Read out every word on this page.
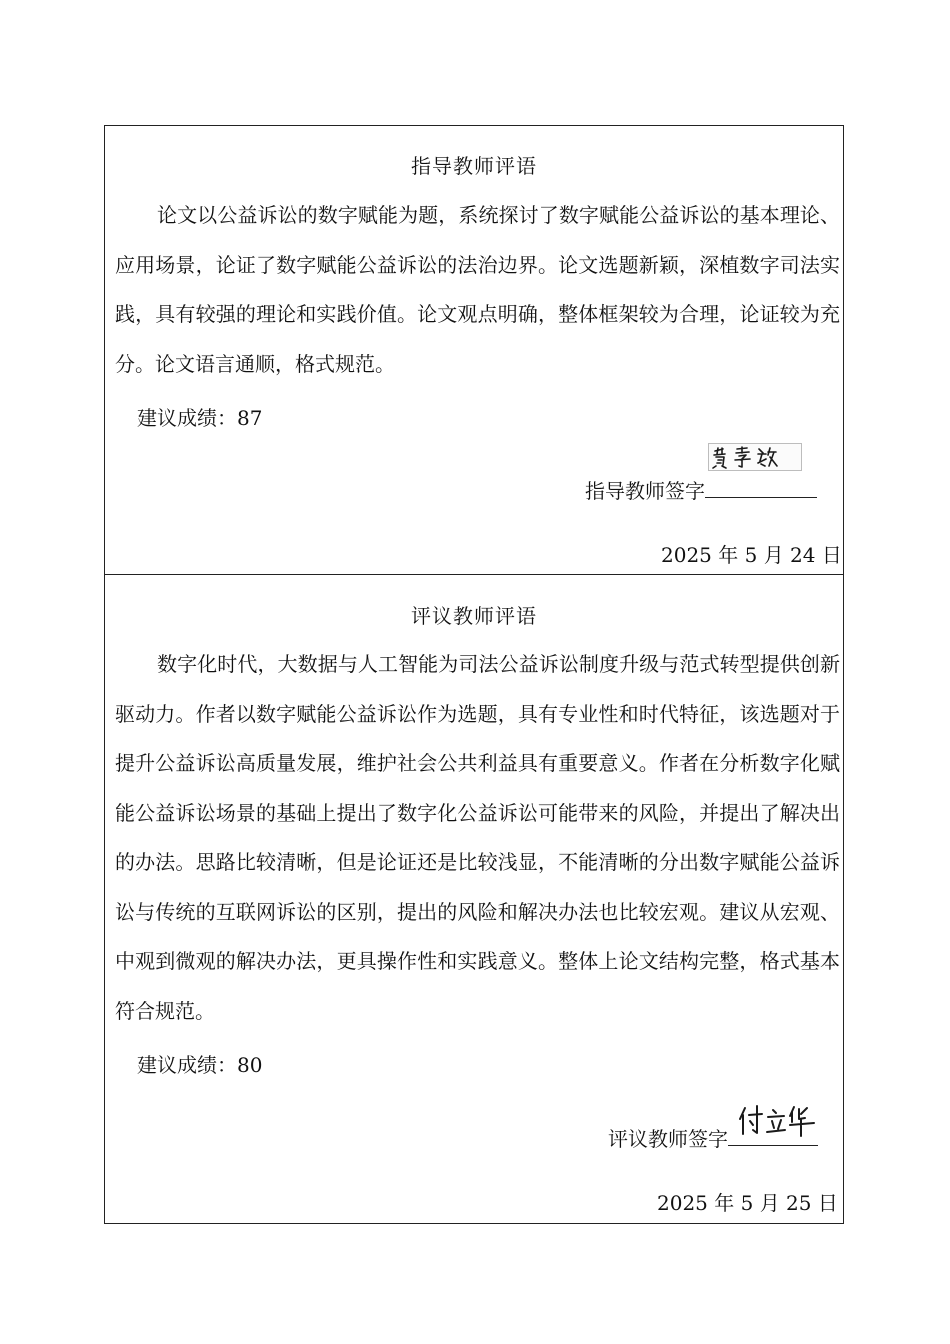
指导教师评语

论文以公益诉讼的数字赋能为题，系统探讨了数字赋能公益诉讼的基本理论、应用场景，论证了数字赋能公益诉讼的法治边界。论文选题新颖，深植数字司法实践，具有较强的理论和实践价值。论文观点明确，整体框架较为合理，论证较为充分。论文语言通顺，格式规范。

建议成绩：87
指导教师签字
2025 年 5 月 24 日
评议教师评语

数字化时代，大数据与人工智能为司法公益诉讼制度升级与范式转型提供创新驱动力。作者以数字赋能公益诉讼作为选题，具有专业性和时代特征，该选题对于提升公益诉讼高质量发展，维护社会公共利益具有重要意义。作者在分析数字化赋能公益诉讼场景的基础上提出了数字化公益诉讼可能带来的风险，并提出了解决出的办法。思路比较清晰，但是论证还是比较浅显，不能清晰的分出数字赋能公益诉讼与传统的互联网诉讼的区别，提出的风险和解决办法也比较宏观。建议从宏观、中观到微观的解决办法，更具操作性和实践意义。整体上论文结构完整，格式基本符合规范。

建议成绩：80
评议教师签字
2025 年 5 月 25 日
